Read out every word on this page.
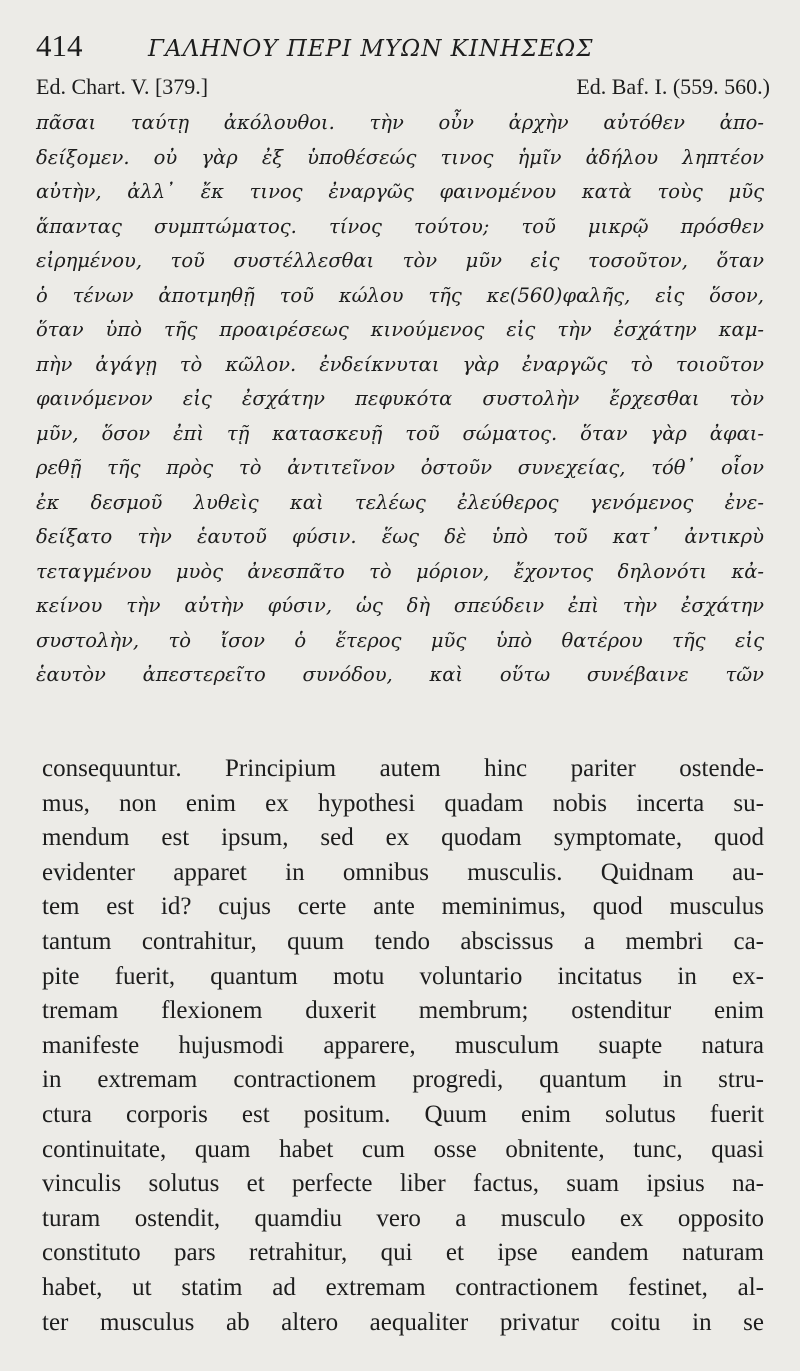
414	ΓΑΛΗΝΟΥ ΠΕΡΙ ΜΥΩΝ ΚΙΝΗΣΕΩΣ
Ed. Chart. V. [379.]	Ed. Baf. I. (559. 560.)
πᾶσαι ταύτῃ ἀκόλουθοι. τὴν οὖν ἀρχὴν αὐτόθεν ἀπο-
δείξομεν. οὐ γὰρ ἐξ ὑποθέσεώς τινος ἡμῖν ἀδήλου ληπτέον
αὐτὴν, ἀλλ᾽ ἔκ τινος ἐναργῶς φαινομένου κατὰ τοὺς μῦς
ἅπαντας συμπτώματος. τίνος τούτου; τοῦ μικρῷ πρόσθεν
εἰρημένου, τοῦ συστέλλεσθαι τὸν μῦν εἰς τοσοῦτον, ὅταν
ὁ τένων ἀποτμηθῇ τοῦ κώλου τῆς κε(560)φαλῆς, εἰς ὅσον,
ὅταν ὑπὸ τῆς προαιρέσεως κινούμενος εἰς τὴν ἐσχάτην καμ-
πὴν ἀγάγῃ τὸ κῶλον. ἐνδείκνυται γὰρ ἐναργῶς τὸ τοιοῦτον
φαινόμενον εἰς ἐσχάτην πεφυκότα συστολὴν ἔρχεσθαι τὸν
μῦν, ὅσον ἐπὶ τῇ κατασκευῇ τοῦ σώματος. ὅταν γὰρ ἀφαι-
ρεθῇ τῆς πρὸς τὸ ἀντιτεῖνον ὀστοῦν συνεχείας, τόθ᾽ οἷον
ἐκ δεσμοῦ λυθεὶς καὶ τελέως ἐλεύθερος γενόμενος ἐνε-
δείξατο τὴν ἑαυτοῦ φύσιν. ἕως δὲ ὑπὸ τοῦ κατ᾽ ἀντικρὺ
τεταγμένου μυὸς ἀνεσπᾶτο τὸ μόριον, ἔχοντος δηλονότι κἀ-
κείνου τὴν αὐτὴν φύσιν, ὡς δὴ σπεύδειν ἐπὶ τὴν ἐσχάτην
συστολὴν, τὸ ἴσον ὁ ἕτερος μῦς ὑπὸ θατέρου τῆς εἰς
ἑαυτὸν ἀπεστερεῖτο συνόδου, καὶ οὕτω συνέβαινε τῶν
consequuntur. Principium autem hinc pariter ostende-
mus, non enim ex hypothesi quadam nobis incerta su-
mendum est ipsum, sed ex quodam symptomate, quod
evidenter apparet in omnibus musculis. Quidnam au-
tem est id? cujus certe ante meminimus, quod musculus
tantum contrahitur, quum tendo abscissus a membri ca-
pite fuerit, quantum motu voluntario incitatus in ex-
tremam flexionem duxerit membrum; ostenditur enim
manifeste hujusmodi apparere, musculum suapte natura
in extremam contractionem progredi, quantum in stru-
ctura corporis est positum. Quum enim solutus fuerit
continuitate, quam habet cum osse obnitente, tunc, quasi
vinculis solutus et perfecte liber factus, suam ipsius na-
turam ostendit, quamdiu vero a musculo ex opposito
constituto pars retrahitur, qui et ipse eandem naturam
habet, ut statim ad extremam contractionem festinet, al-
ter musculus ab altero aequaliter privatur coitu in se
